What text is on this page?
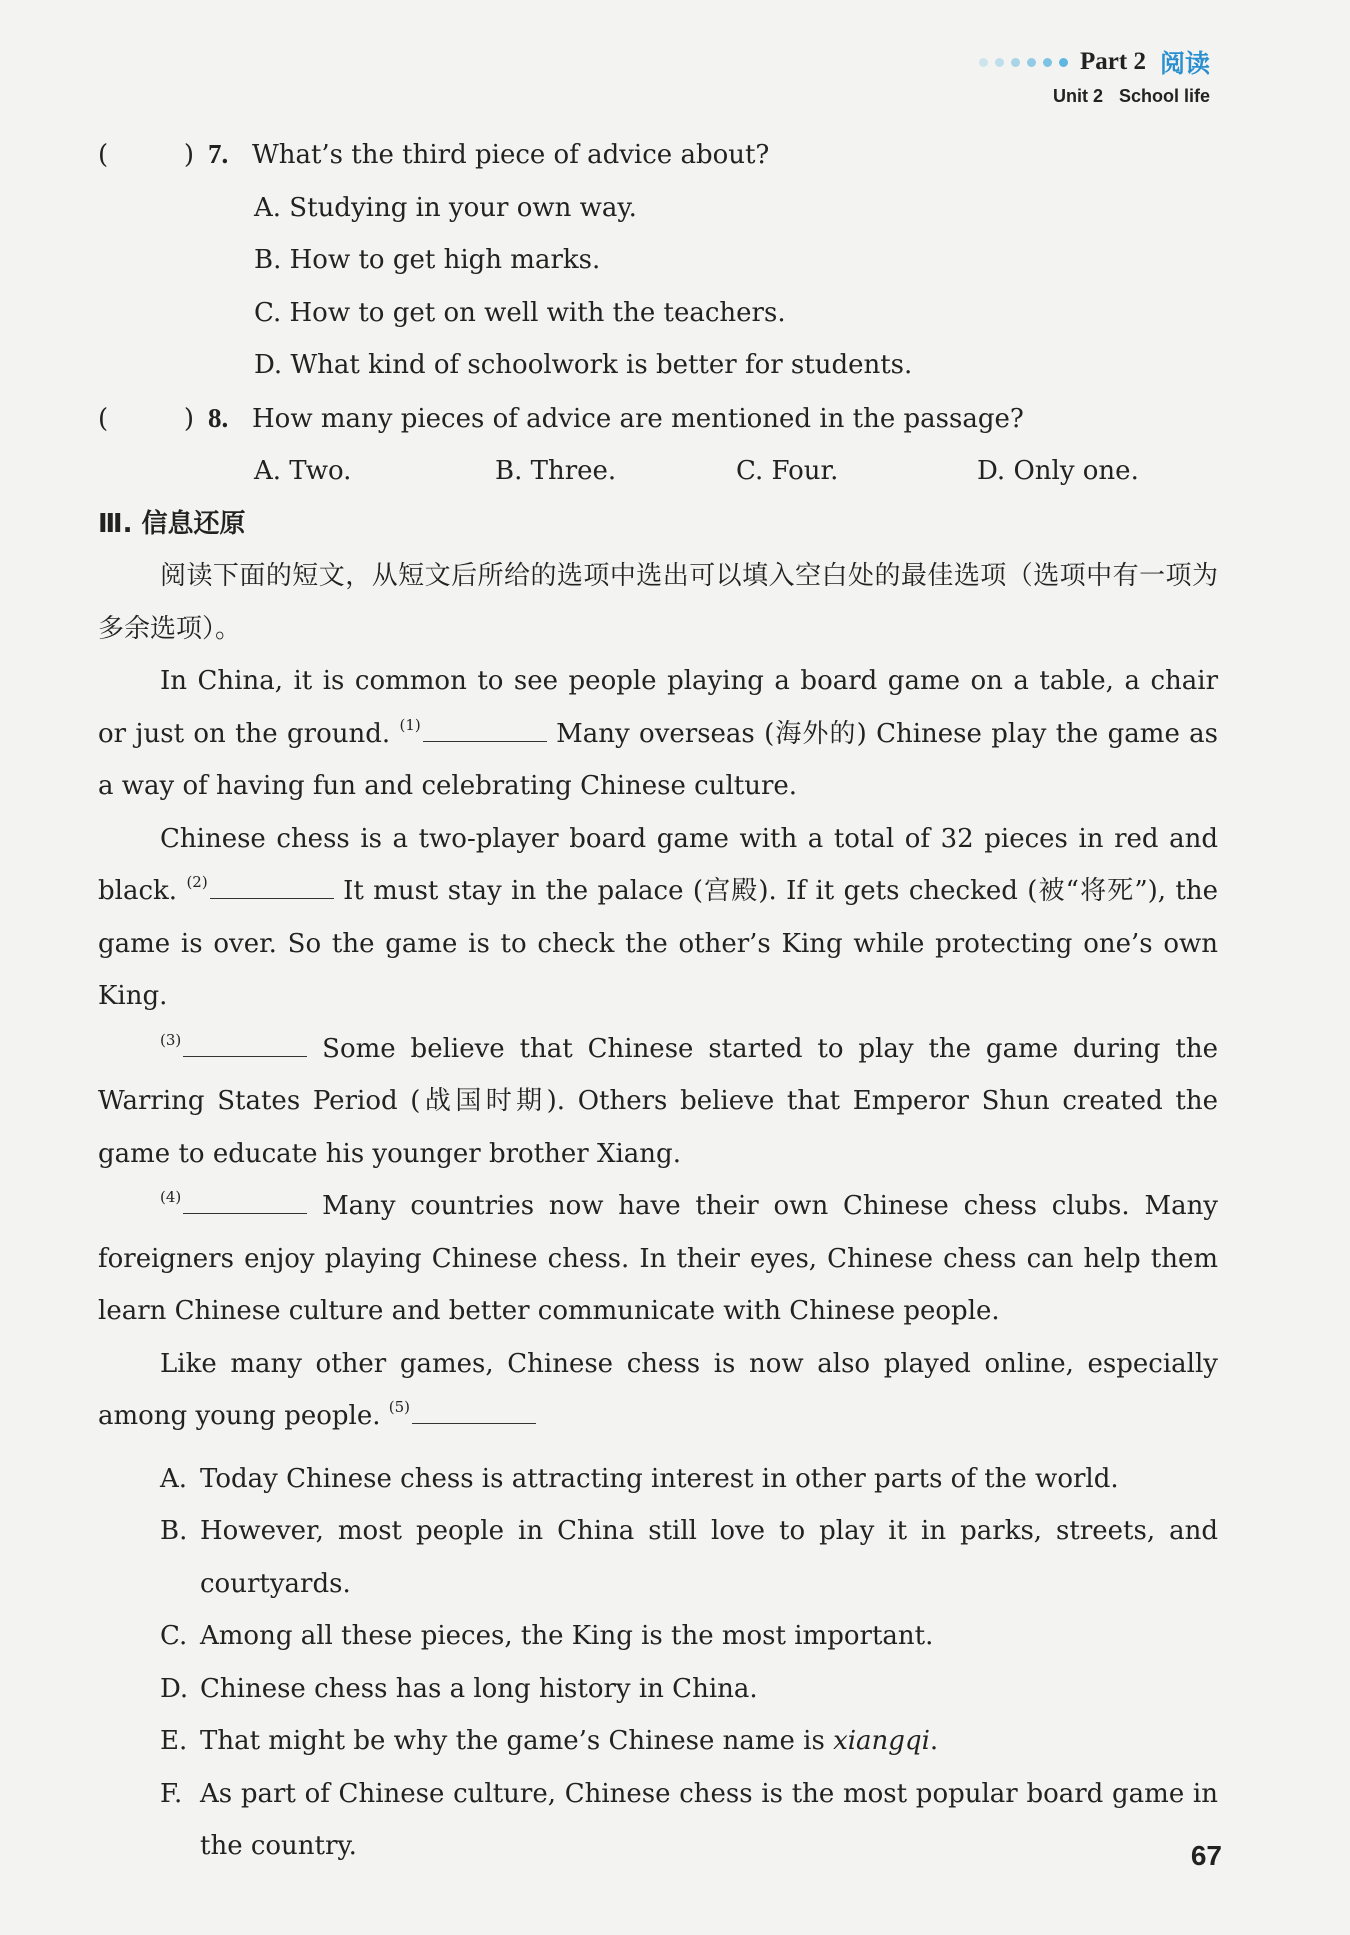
Part 2 阅读
Unit 2 School life
(	) 7. What’s the third piece of advice about?
A. Studying in your own way.
B. How to get high marks.
C. How to get on well with the teachers.
D. What kind of schoolwork is better for students.
(	) 8. How many pieces of advice are mentioned in the passage?
A. Two.	B. Three.	C. Four.	D. Only one.
Ⅲ. 信息还原
阅读下面的短文，从短文后所给的选项中选出可以填入空白处的最佳选项（选项中有一项为多余选项）。
In China, it is common to see people playing a board game on a table, a chair or just on the ground. $^{(1)}$	Many overseas (海外的) Chinese play the game as a way of having fun and celebrating Chinese culture.
Chinese chess is a two-player board game with a total of 32 pieces in red and black. $^{(2)}$	It must stay in the palace (宫殿). If it gets checked (被“将死”), the game is over. So the game is to check the other’s King while protecting one’s own King.
$^{(3)}$	Some believe that Chinese started to play the game during the Warring States Period (战国时期). Others believe that Emperor Shun created the game to educate his younger brother Xiang.
$^{(4)}$	Many countries now have their own Chinese chess clubs. Many foreigners enjoy playing Chinese chess. In their eyes, Chinese chess can help them learn Chinese culture and better communicate with Chinese people.
Like many other games, Chinese chess is now also played online, especially among young people. $^{(5)}$
A. Today Chinese chess is attracting interest in other parts of the world.
B. However, most people in China still love to play it in parks, streets, and courtyards.
C. Among all these pieces, the King is the most important.
D. Chinese chess has a long history in China.
E. That might be why the game’s Chinese name is xiangqi.
F. As part of Chinese culture, Chinese chess is the most popular board game in the country.	67
